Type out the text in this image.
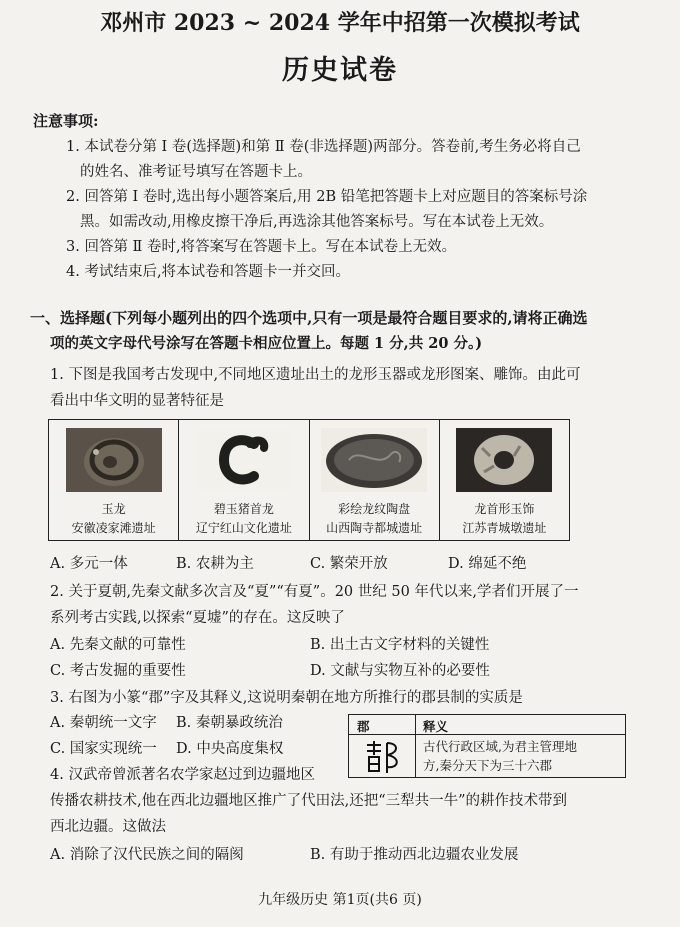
邓州市 2023 ~ 2024 学年中招第一次模拟考试
历史试卷
注意事项:
1. 本试卷分第 Ⅰ 卷(选择题)和第 Ⅱ 卷(非选择题)两部分。答卷前,考生务必将自己
的姓名、准考证号填写在答题卡上。
2. 回答第 Ⅰ 卷时,选出每小题答案后,用 2B 铅笔把答题卡上对应题目的答案标号涂
黑。如需改动,用橡皮擦干净后,再选涂其他答案标号。写在本试卷上无效。
3. 回答第 Ⅱ 卷时,将答案写在答题卡上。写在本试卷上无效。
4. 考试结束后,将本试卷和答题卡一并交回。
一、选择题(下列每小题列出的四个选项中,只有一项是最符合题目要求的,请将正确选
项的英文字母代号涂写在答题卡相应位置上。每题 1 分,共 20 分。)
1. 下图是我国考古发现中,不同地区遗址出土的龙形玉器或龙形图案、雕饰。由此可
看出中华文明的显著特征是
玉龙
安徽凌家滩遗址
碧玉猪首龙
辽宁红山文化遗址
彩绘龙纹陶盘
山西陶寺都城遗址
龙首形玉饰
江苏青城墩遗址
A. 多元一体	B. 农耕为主	C. 繁荣开放	D. 绵延不绝
2. 关于夏朝,先秦文献多次言及“夏”“有夏”。20 世纪 50 年代以来,学者们开展了一
系列考古实践,以探索“夏墟”的存在。这反映了
A. 先秦文献的可靠性	B. 出土古文字材料的关键性
C. 考古发掘的重要性	D. 文献与实物互补的必要性
3. 右图为小篆“郡”字及其释义,这说明秦朝在地方所推行的郡县制的实质是
A. 秦朝统一文字 B. 秦朝暴政统治
C. 国家实现统一 D. 中央高度集权
郡	释义
古代行政区域,为君主管理地
方,秦分天下为三十六郡
4. 汉武帝曾派著名农学家赵过到边疆地区
传播农耕技术,他在西北边疆地区推广了代田法,还把“三犁共一牛”的耕作技术带到
西北边疆。这做法
A. 消除了汉代民族之间的隔阂	B. 有助于推动西北边疆农业发展
九年级历史 第1页(共6 页)
